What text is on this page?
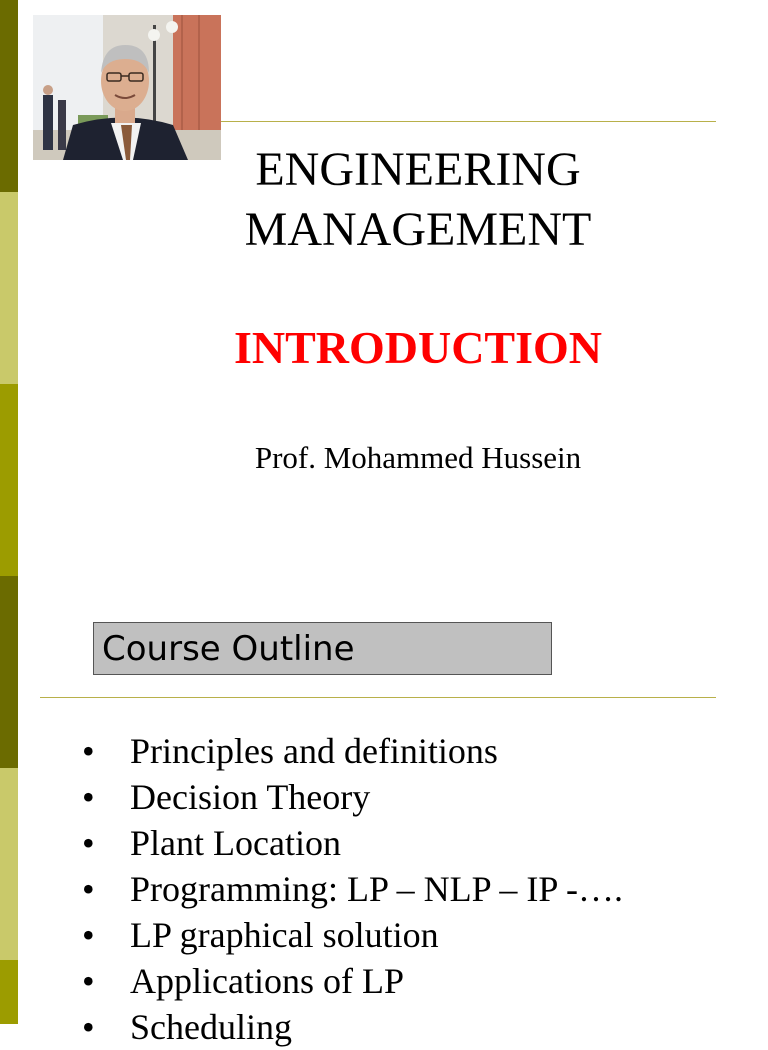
ENGINEERING
MANAGEMENT
INTRODUCTION
Prof. Mohammed Hussein
Course Outline
• Principles and definitions
• Decision Theory
• Plant Location
• Programming: LP – NLP – IP -….
• LP graphical solution
• Applications of LP
• Scheduling
